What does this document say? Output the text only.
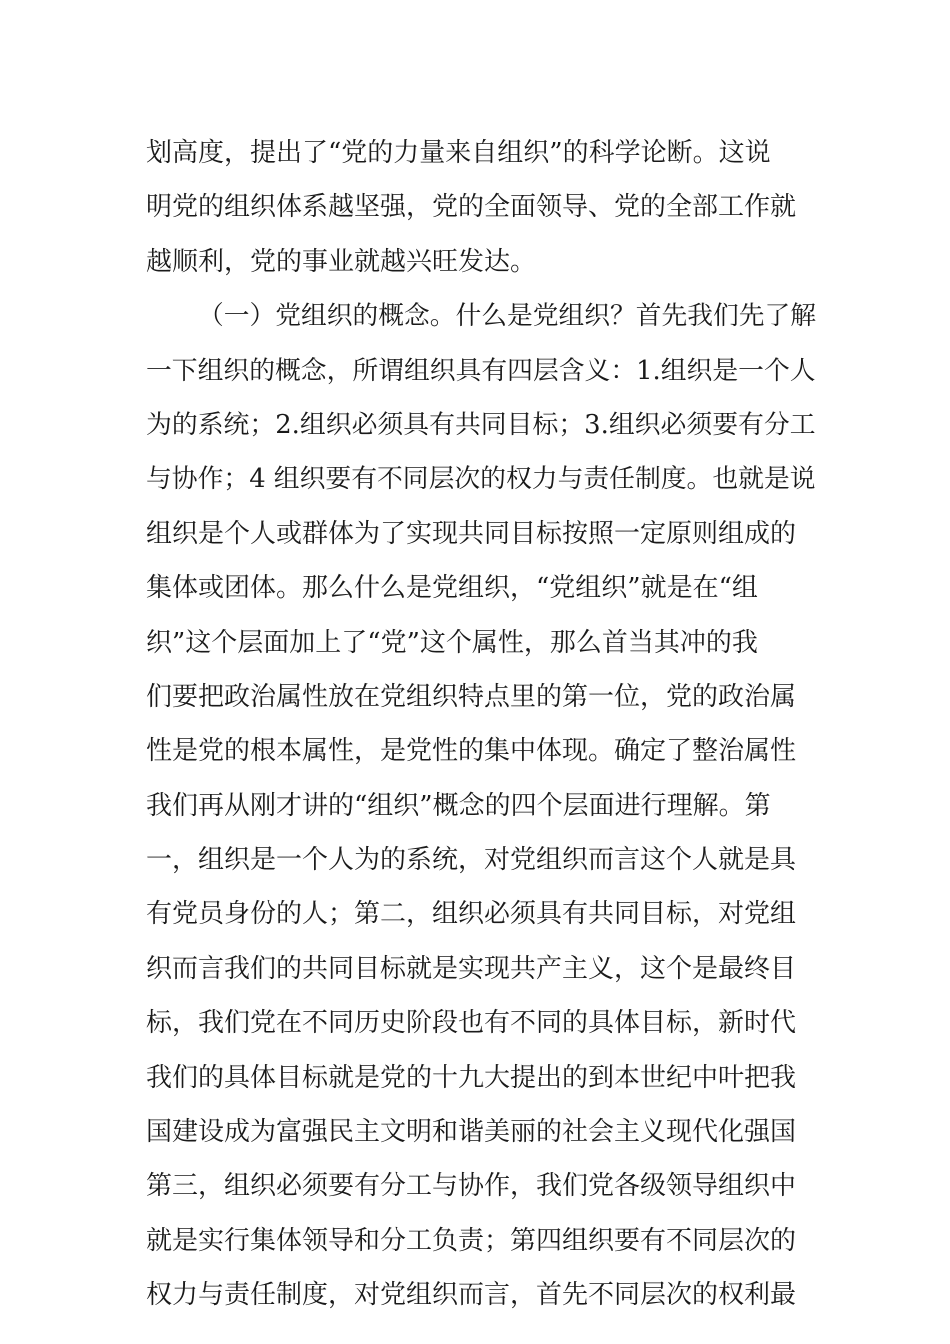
划高度，提出了“党的力量来自组织”的科学论断。这说
明党的组织体系越坚强，党的全面领导、党的全部工作就
越顺利，党的事业就越兴旺发达。
（一）党组织的概念。什么是党组织？首先我们先了解
一下组织的概念，所谓组织具有四层含义：1.组织是一个人
为的系统；2.组织必须具有共同目标；3.组织必须要有分工
与协作；4 组织要有不同层次的权力与责任制度。也就是说
组织是个人或群体为了实现共同目标按照一定原则组成的
集体或团体。那么什么是党组织，“党组织”就是在“组
织”这个层面加上了“党”这个属性，那么首当其冲的我
们要把政治属性放在党组织特点里的第一位，党的政治属
性是党的根本属性，是党性的集中体现。确定了整治属性
我们再从刚才讲的“组织”概念的四个层面进行理解。第
一，组织是一个人为的系统，对党组织而言这个人就是具
有党员身份的人；第二，组织必须具有共同目标，对党组
织而言我们的共同目标就是实现共产主义，这个是最终目
标，我们党在不同历史阶段也有不同的具体目标，新时代
我们的具体目标就是党的十九大提出的到本世纪中叶把我
国建设成为富强民主文明和谐美丽的社会主义现代化强国
第三，组织必须要有分工与协作，我们党各级领导组织中
就是实行集体领导和分工负责；第四组织要有不同层次的
权力与责任制度，对党组织而言，首先不同层次的权利最
